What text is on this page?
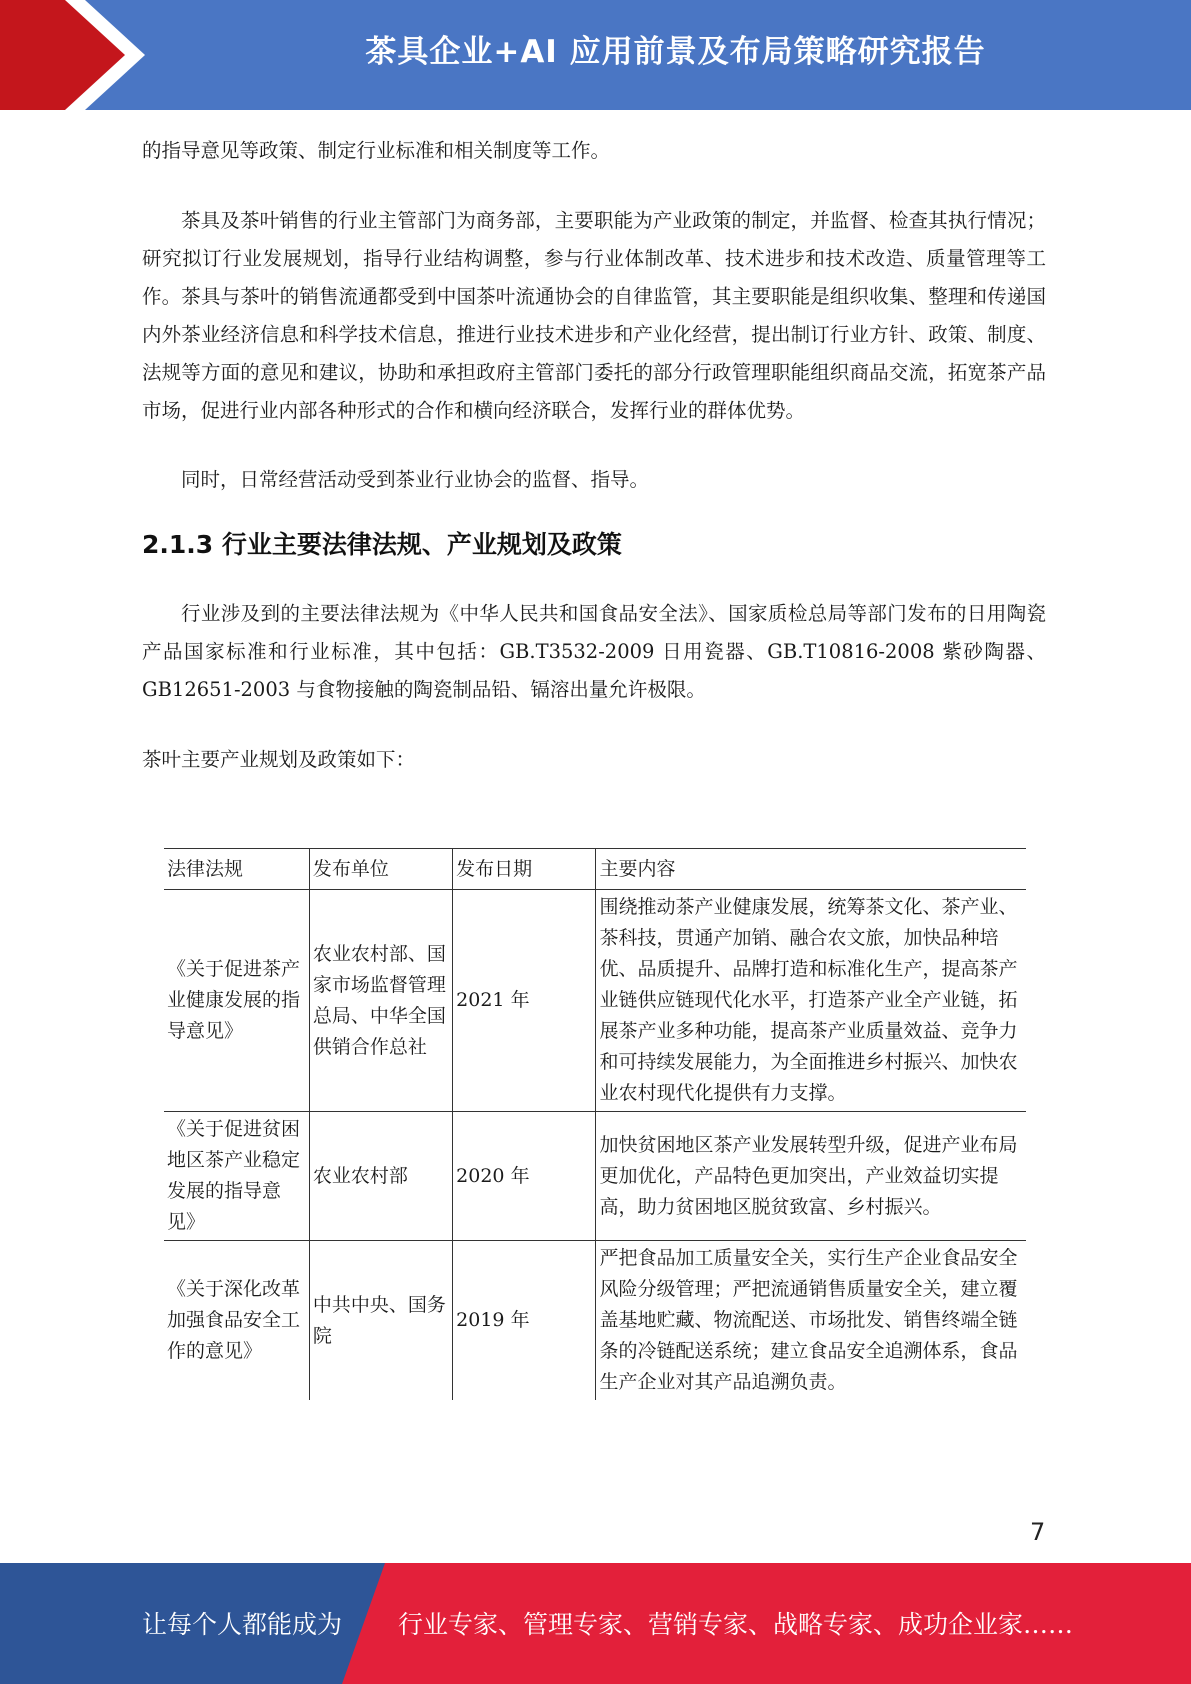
茶具企业+AI 应用前景及布局策略研究报告

的指导意见等政策、制定行业标准和相关制度等工作。

茶具及茶叶销售的行业主管部门为商务部，主要职能为产业政策的制定，并监督、检查其执行情况；研究拟订行业发展规划，指导行业结构调整，参与行业体制改革、技术进步和技术改造、质量管理等工作。茶具与茶叶的销售流通都受到中国茶叶流通协会的自律监管，其主要职能是组织收集、整理和传递国内外茶业经济信息和科学技术信息，推进行业技术进步和产业化经营，提出制订行业方针、政策、制度、法规等方面的意见和建议，协助和承担政府主管部门委托的部分行政管理职能组织商品交流，拓宽茶产品市场，促进行业内部各种形式的合作和横向经济联合，发挥行业的群体优势。

同时，日常经营活动受到茶业行业协会的监督、指导。

2.1.3 行业主要法律法规、产业规划及政策

行业涉及到的主要法律法规为《中华人民共和国食品安全法》、国家质检总局等部门发布的日用陶瓷产品国家标准和行业标准，其中包括：GB.T3532-2009 日用瓷器、GB.T10816-2008 紫砂陶器、GB12651-2003 与食物接触的陶瓷制品铅、镉溶出量允许极限。

茶叶主要产业规划及政策如下：

法律法规	发布单位	发布日期	主要内容
《关于促进茶产业健康发展的指导意见》	农业农村部、国家市场监督管理总局、中华全国供销合作总社	2021 年	围绕推动茶产业健康发展，统筹茶文化、茶产业、茶科技，贯通产加销、融合农文旅，加快品种培优、品质提升、品牌打造和标准化生产，提高茶产业链供应链现代化水平，打造茶产业全产业链，拓展茶产业多种功能，提高茶产业质量效益、竞争力和可持续发展能力，为全面推进乡村振兴、加快农业农村现代化提供有力支撑。
《关于促进贫困地区茶产业稳定发展的指导意见》	农业农村部	2020 年	加快贫困地区茶产业发展转型升级，促进产业布局更加优化，产品特色更加突出，产业效益切实提高，助力贫困地区脱贫致富、乡村振兴。
《关于深化改革加强食品安全工作的意见》	中共中央、国务院	2019 年	严把食品加工质量安全关，实行生产企业食品安全风险分级管理；严把流通销售质量安全关，建立覆盖基地贮藏、物流配送、市场批发、销售终端全链条的冷链配送系统；建立食品安全追溯体系，食品生产企业对其产品追溯负责。
7
让每个人都能成为 行业专家、管理专家、营销专家、战略专家、成功企业家……
